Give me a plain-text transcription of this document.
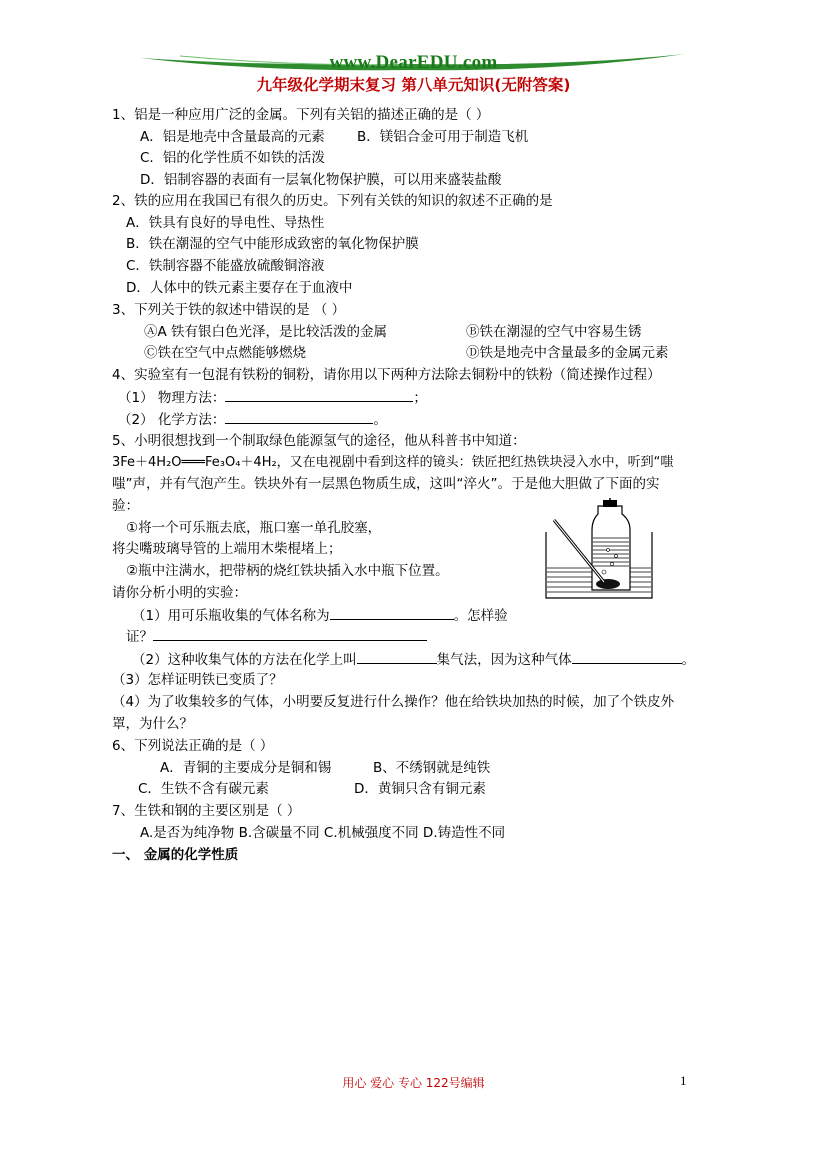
www.DearEDU.com
九年级化学期末复习 第八单元知识(无附答案)
1、铝是一种应用广泛的金属。下列有关铝的描述正确的是（ ）
A．铝是地壳中含量最高的元素 B．镁铝合金可用于制造飞机
C．铝的化学性质不如铁的活泼
D．铝制容器的表面有一层氧化物保护膜，可以用来盛装盐酸
2、铁的应用在我国已有很久的历史。下列有关铁的知识的叙述不正确的是
A．铁具有良好的导电性、导热性
B．铁在潮湿的空气中能形成致密的氧化物保护膜
C．铁制容器不能盛放硫酸铜溶液
D．人体中的铁元素主要存在于血液中
3、下列关于铁的叙述中错误的是 （ ）
ⒶA 铁有银白色光泽，是比较活泼的金属	Ⓑ铁在潮湿的空气中容易生锈
Ⓒ铁在空气中点燃能够燃烧	Ⓓ铁是地壳中含量最多的金属元素
4、实验室有一包混有铁粉的铜粉，请你用以下两种方法除去铜粉中的铁粉（简述操作过程）
（1） 物理方法：	；
（2） 化学方法：	。
5、小明很想找到一个制取绿色能源氢气的途径，他从科普书中知道：
3Fe＋4H₂O═══Fe₃O₄＋4H₂，又在电视剧中看到这样的镜头：铁匠把红热铁块浸入水中，听到“嗤
嗤”声，并有气泡产生。铁块外有一层黑色物质生成，这叫“淬火”。于是他大胆做了下面的实
验：
①将一个可乐瓶去底，瓶口塞一单孔胶塞，
将尖嘴玻璃导管的上端用木柴棍堵上；
②瓶中注满水，把带柄的烧红铁块插入水中瓶下位置。
请你分析小明的实验：
（1）用可乐瓶收集的气体名称为	。怎样验
证？
（2）这种收集气体的方法在化学上叫	集气法，因为这种气体	。
（3）怎样证明铁已变质了？
（4）为了收集较多的气体，小明要反复进行什么操作？他在给铁块加热的时候，加了个铁皮外
罩，为什么？
6、下列说法正确的是（ ）
A．青铜的主要成分是铜和锡	B、不绣钢就是纯铁
C．生铁不含有碳元素	D．黄铜只含有铜元素
7、生铁和钢的主要区别是（ ）
A.是否为纯净物 B.含碳量不同 C.机械强度不同 D.铸造性不同
一、 金属的化学性质
用心 爱心 专心 122号编辑	1
